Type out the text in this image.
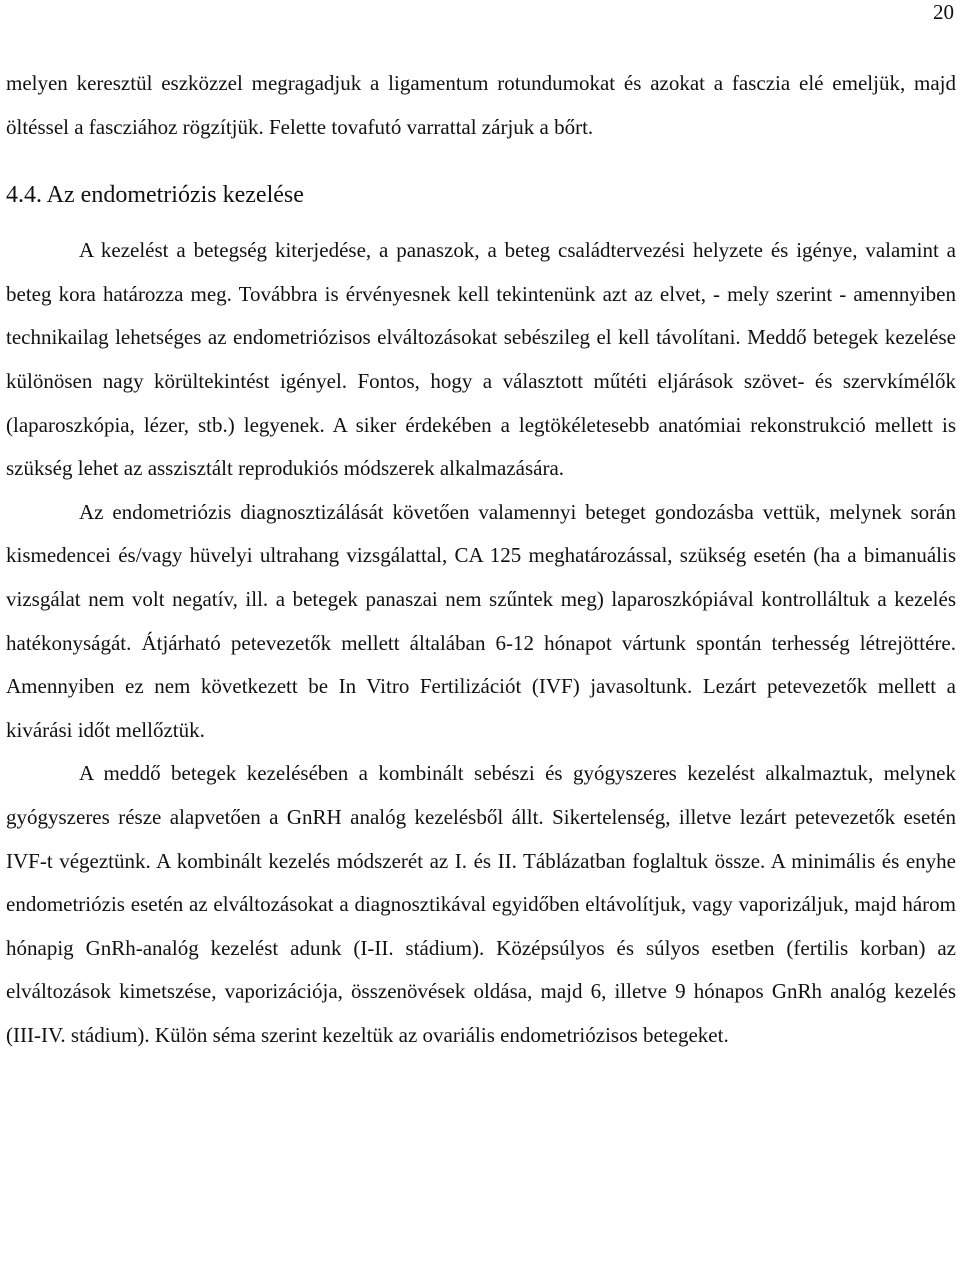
20

melyen keresztül eszközzel megragadjuk a ligamentum rotundumokat és azokat a fasczia elé emeljük, majd öltéssel a fascziához rögzítjük. Felette tovafutó varrattal zárjuk a bőrt.

4.4. Az endometriózis kezelése

A kezelést a betegség kiterjedése, a panaszok, a beteg családtervezési helyzete és igénye, valamint a beteg kora határozza meg. Továbbra is érvényesnek kell tekintenünk azt az elvet, - mely szerint - amennyiben technikailag lehetséges az endometriózisos elváltozásokat sebészileg el kell távolítani. Meddő betegek kezelése különösen nagy körültekintést igényel. Fontos, hogy a választott műtéti eljárások szövet- és szervkímélők (laparoszkópia, lézer, stb.) legyenek. A siker érdekében a legtökéletesebb anatómiai rekonstrukció mellett is szükség lehet az asszisztált reprodukiós módszerek alkalmazására.

Az endometriózis diagnosztizálását követően valamennyi beteget gondozásba vettük, melynek során kismedencei és/vagy hüvelyi ultrahang vizsgálattal, CA 125 meghatározással, szükség esetén (ha a bimanuális vizsgálat nem volt negatív, ill. a betegek panaszai nem szűntek meg) laparoszkópiával kontrolláltuk a kezelés hatékonyságát. Átjárható petevezetők mellett általában 6-12 hónapot vártunk spontán terhesség létrejöttére. Amennyiben ez nem következett be In Vitro Fertilizációt (IVF) javasoltunk. Lezárt petevezetők mellett a kivárási időt mellőztük.

A meddő betegek kezelésében a kombinált sebészi és gyógyszeres kezelést alkalmaztuk, melynek gyógyszeres része alapvetően a GnRH analóg kezelésből állt. Sikertelenség, illetve lezárt petevezetők esetén IVF-t végeztünk. A kombinált kezelés módszerét az I. és II. Táblázatban foglaltuk össze. A minimális és enyhe endometriózis esetén az elváltozásokat a diagnosztikával egyidőben eltávolítjuk, vagy vaporizáljuk, majd három hónapig GnRh-analóg kezelést adunk (I-II. stádium). Középsúlyos és súlyos esetben (fertilis korban) az elváltozások kimetszése, vaporizációja, összenövések oldása, majd 6, illetve 9 hónapos GnRh analóg kezelés (III-IV. stádium). Külön séma szerint kezeltük az ovariális endometriózisos betegeket.
